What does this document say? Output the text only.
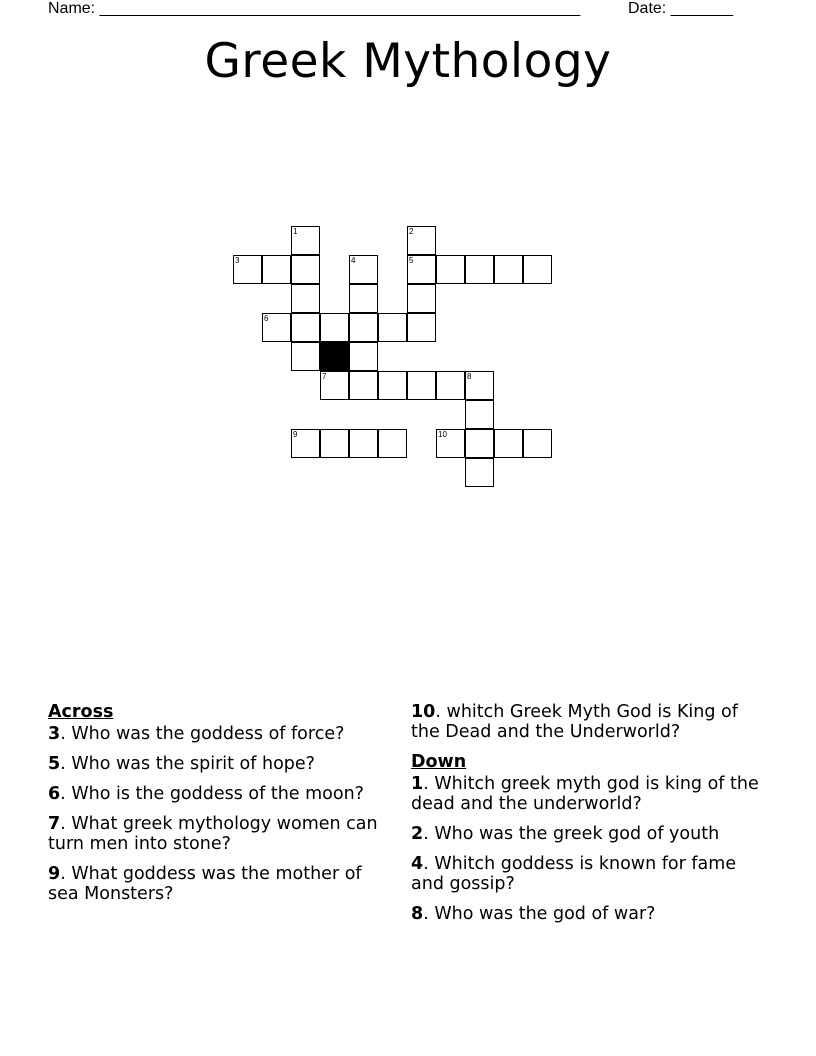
Name: ______________________________________________________	Date: _______
Greek Mythology
1	2
3	4	5
6
7	8
9	10
Across
3. Who was the goddess of force?
5. Who was the spirit of hope?
6. Who is the goddess of the moon?
7. What greek mythology women can turn men into stone?
9. What goddess was the mother of sea Monsters?
10. whitch Greek Myth God is King of the Dead and the Underworld?
Down
1. Whitch greek myth god is king of the dead and the underworld?
2. Who was the greek god of youth
4. Whitch goddess is known for fame and gossip?
8. Who was the god of war?
